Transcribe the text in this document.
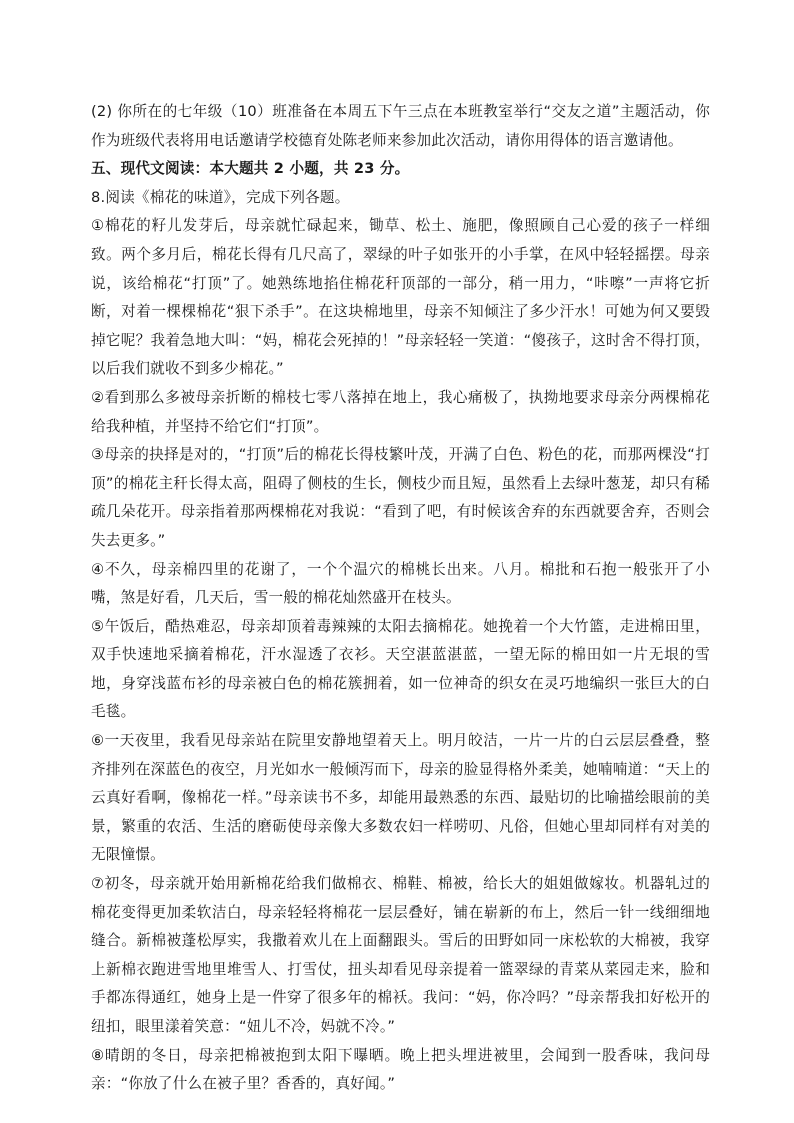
(2) 你所在的七年级（10）班准备在本周五下午三点在本班教室举行“交友之道”主题活动，你作为班级代表将用电话邀请学校德育处陈老师来参加此次活动，请你用得体的语言邀请他。

五、现代文阅读：本大题共 2 小题，共 23 分。

8.阅读《棉花的味道》，完成下列各题。

①棉花的籽儿发芽后，母亲就忙碌起来，锄草、松土、施肥，像照顾自己心爱的孩子一样细致。两个多月后，棉花长得有几尺高了，翠绿的叶子如张开的小手掌，在风中轻轻摇摆。母亲说，该给棉花“打顶”了。她熟练地掐住棉花秆顶部的一部分，稍一用力，“咔嚓”一声将它折断，对着一棵棵棉花“狠下杀手”。在这块棉地里，母亲不知倾注了多少汗水！可她为何又要毁掉它呢？我着急地大叫：“妈，棉花会死掉的！”母亲轻轻一笑道：“傻孩子，这时舍不得打顶，以后我们就收不到多少棉花。”

②看到那么多被母亲折断的棉枝七零八落掉在地上，我心痛极了，执拗地要求母亲分两棵棉花给我种植，并坚持不给它们“打顶”。

③母亲的抉择是对的，“打顶”后的棉花长得枝繁叶茂，开满了白色、粉色的花，而那两棵没“打顶”的棉花主秆长得太高，阻碍了侧枝的生长，侧枝少而且短，虽然看上去绿叶葱茏，却只有稀疏几朵花开。母亲指着那两棵棉花对我说：“看到了吧，有时候该舍弃的东西就要舍弃，否则会失去更多。”

④不久，母亲棉四里的花谢了，一个个温穴的棉桃长出来。八月。棉批和石抱一般张开了小嘴，煞是好看，几天后，雪一般的棉花灿然盛开在枝头。

⑤午饭后，酷热难忍，母亲却顶着毒辣辣的太阳去摘棉花。她挽着一个大竹篮，走进棉田里，双手快速地采摘着棉花，汗水湿透了衣衫。天空湛蓝湛蓝，一望无际的棉田如一片无垠的雪地，身穿浅蓝布衫的母亲被白色的棉花簇拥着，如一位神奇的织女在灵巧地编织一张巨大的白毛毯。

⑥一天夜里，我看见母亲站在院里安静地望着天上。明月皎洁，一片一片的白云层层叠叠，整齐排列在深蓝色的夜空，月光如水一般倾泻而下，母亲的脸显得格外柔美，她喃喃道：“天上的云真好看啊，像棉花一样。”母亲读书不多，却能用最熟悉的东西、最贴切的比喻描绘眼前的美景，繁重的农活、生活的磨砺使母亲像大多数农妇一样唠叨、凡俗，但她心里却同样有对美的无限憧憬。

⑦初冬，母亲就开始用新棉花给我们做棉衣、棉鞋、棉被，给长大的姐姐做嫁妆。机器轧过的棉花变得更加柔软洁白，母亲轻轻将棉花一层层叠好，铺在崭新的布上，然后一针一线细细地缝合。新棉被蓬松厚实，我撒着欢儿在上面翻跟头。雪后的田野如同一床松软的大棉被，我穿上新棉衣跑进雪地里堆雪人、打雪仗，扭头却看见母亲提着一篮翠绿的青菜从菜园走来，脸和手都冻得通红，她身上是一件穿了很多年的棉袄。我问：“妈，你冷吗？”母亲帮我扣好松开的纽扣，眼里漾着笑意：“妞儿不冷，妈就不冷。”

⑧晴朗的冬日，母亲把棉被抱到太阳下曝晒。晚上把头埋进被里，会闻到一股香味，我问母亲：“你放了什么在被子里？香香的，真好闻。”
